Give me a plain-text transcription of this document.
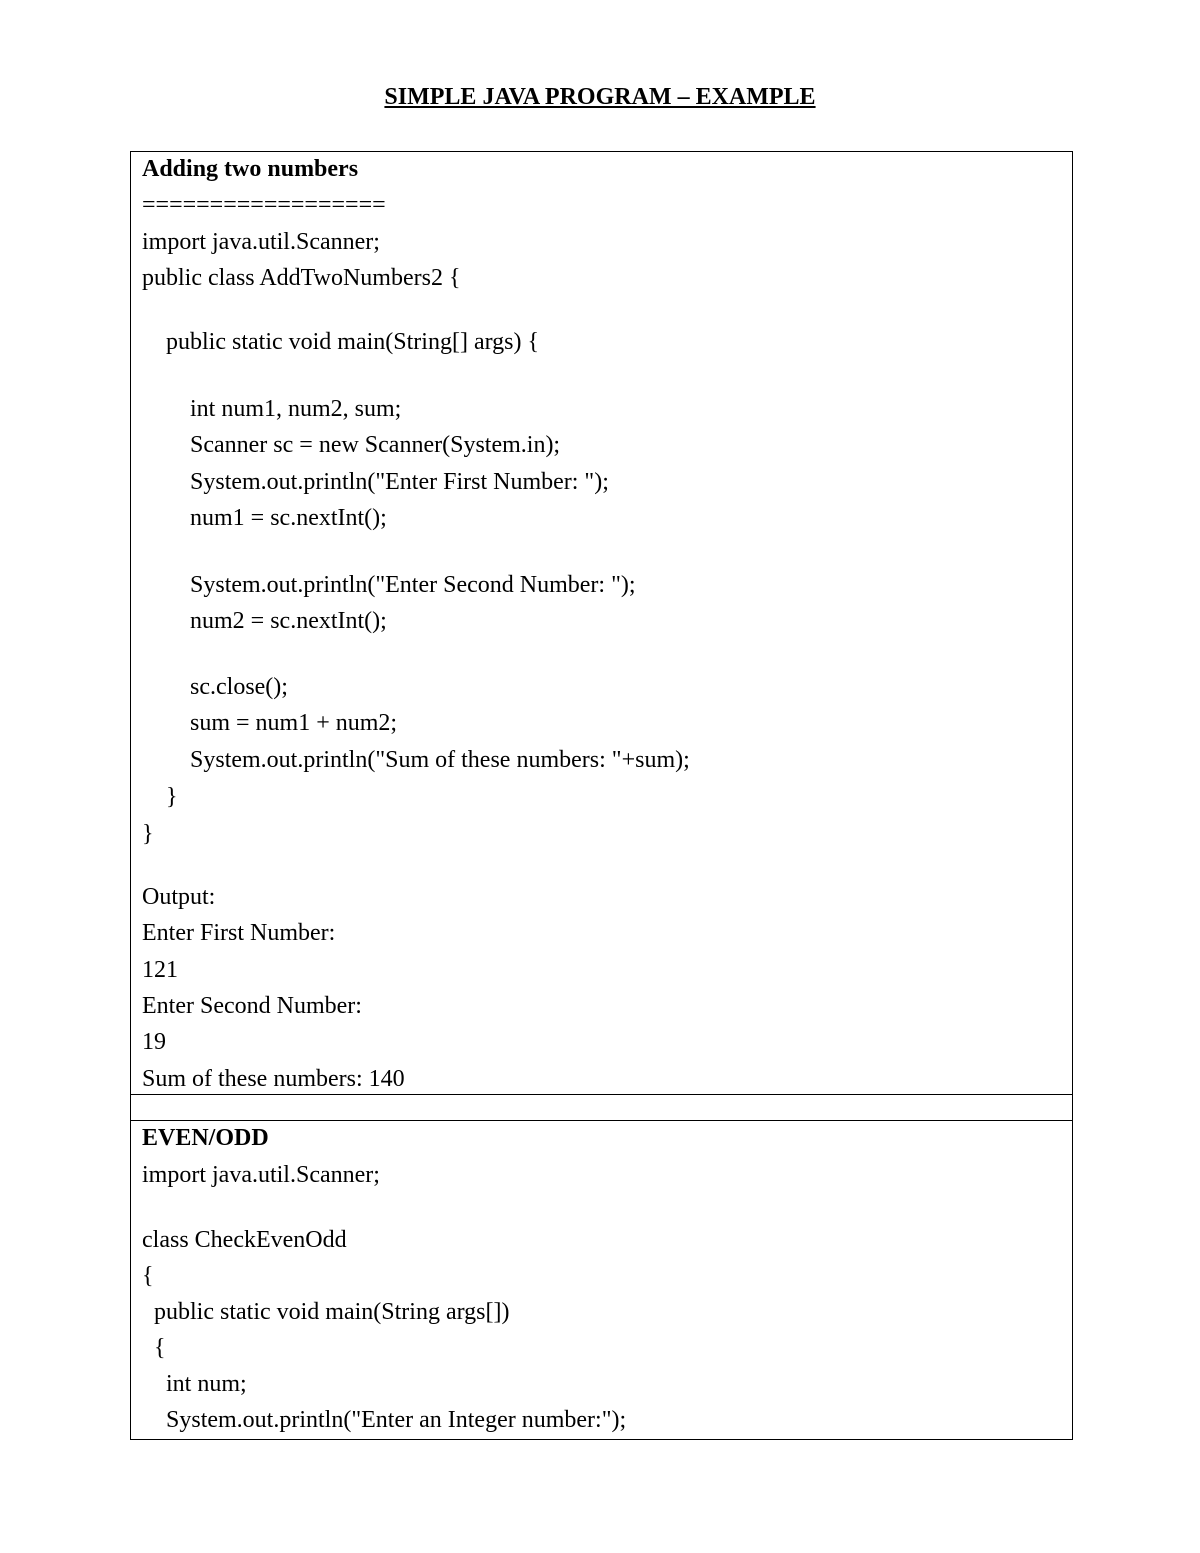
SIMPLE JAVA PROGRAM – EXAMPLE
Adding two numbers
==================
import java.util.Scanner;
public class AddTwoNumbers2 {
public static void main(String[] args) {
int num1, num2, sum;
Scanner sc = new Scanner(System.in);
System.out.println("Enter First Number: ");
num1 = sc.nextInt();
System.out.println("Enter Second Number: ");
num2 = sc.nextInt();
sc.close();
sum = num1 + num2;
System.out.println("Sum of these numbers: "+sum);
}
}
Output:
Enter First Number:
121
Enter Second Number:
19
Sum of these numbers: 140
EVEN/ODD
import java.util.Scanner;
class CheckEvenOdd
{
public static void main(String args[])
{
int num;
System.out.println("Enter an Integer number:");
